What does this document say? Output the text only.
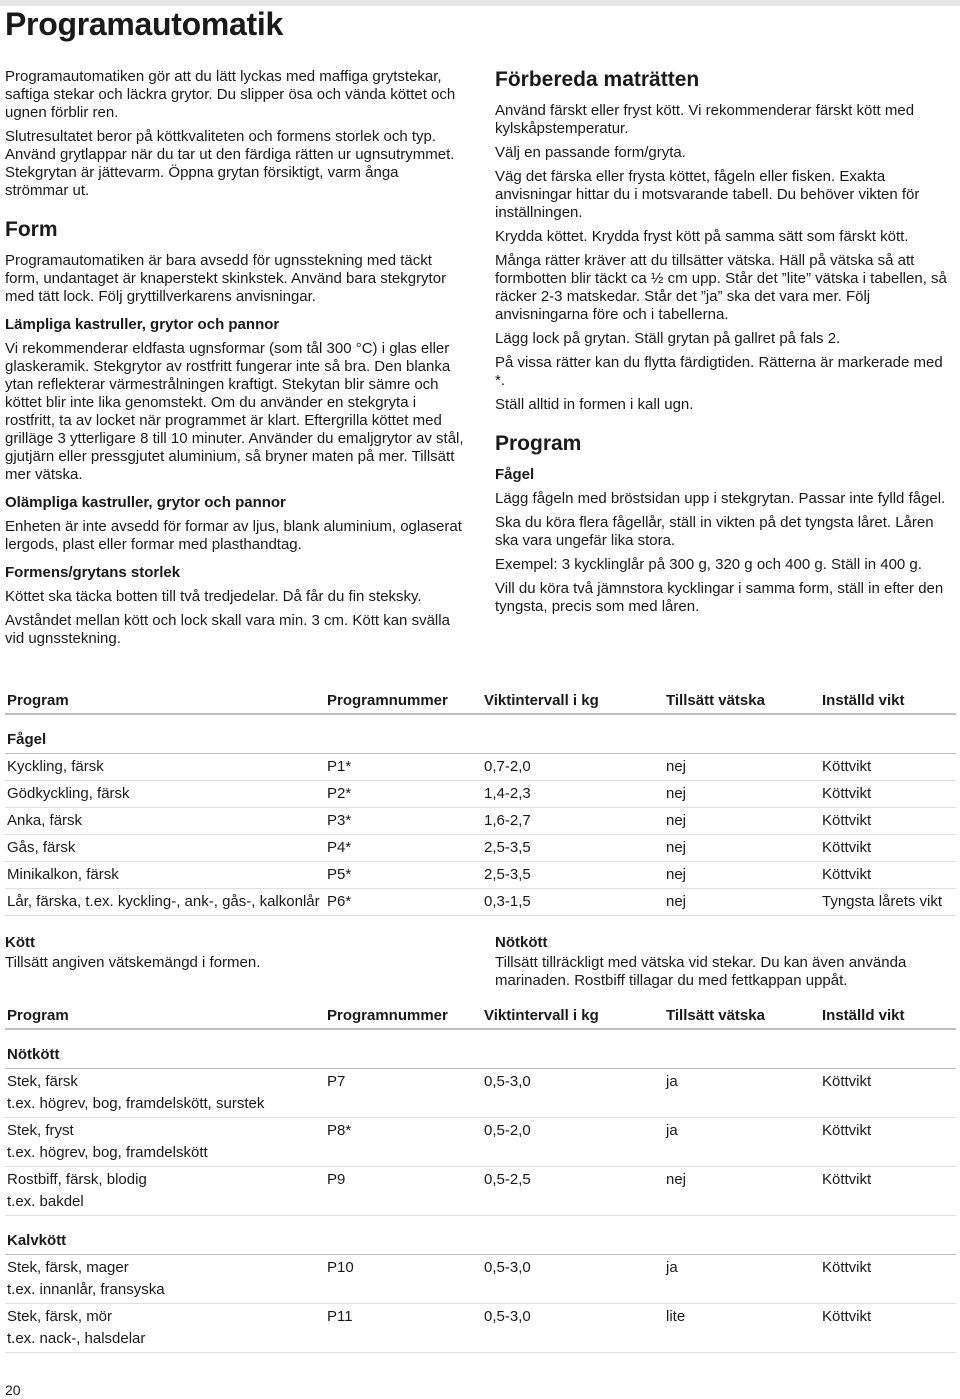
Programautomatik

Programautomatiken gör att du lätt lyckas med maffiga grytstekar, saftiga stekar och läckra grytor. Du slipper ösa och vända köttet och ugnen förblir ren.

Slutresultatet beror på köttkvaliteten och formens storlek och typ. Använd grytlappar när du tar ut den färdiga rätten ur ugnsutrymmet. Stekgrytan är jättevarm. Öppna grytan försiktigt, varm ånga strömmar ut.

Form

Programautomatiken är bara avsedd för ugnsstekning med täckt form, undantaget är knaperstekt skinkstek. Använd bara stekgrytor med tätt lock. Följ gryttillverkarens anvisningar.

Lämpliga kastruller, grytor och pannor

Vi rekommenderar eldfasta ugnsformar (som tål 300 °C) i glas eller glaskeramik. Stekgrytor av rostfritt fungerar inte så bra. Den blanka ytan reflekterar värmestrålningen kraftigt. Stekytan blir sämre och köttet blir inte lika genomstekt. Om du använder en stekgryta i rostfritt, ta av locket när programmet är klart. Eftergrilla köttet med grilläge 3 ytterligare 8 till 10 minuter. Använder du emaljgrytor av stål, gjutjärn eller pressgjutet aluminium, så bryner maten på mer. Tillsätt mer vätska.

Olämpliga kastruller, grytor och pannor

Enheten är inte avsedd för formar av ljus, blank aluminium, oglaserat lergods, plast eller formar med plasthandtag.

Formens/grytans storlek

Köttet ska täcka botten till två tredjedelar. Då får du fin steksky.

Avståndet mellan kött och lock skall vara min. 3 cm. Kött kan svälla vid ugnsstekning.

Förbereda maträtten

Använd färskt eller fryst kött. Vi rekommenderar färskt kött med kylskåpstemperatur.

Välj en passande form/gryta.

Väg det färska eller frysta köttet, fågeln eller fisken. Exakta anvisningar hittar du i motsvarande tabell. Du behöver vikten för inställningen.

Krydda köttet. Krydda fryst kött på samma sätt som färskt kött.

Många rätter kräver att du tillsätter vätska. Häll på vätska så att formbotten blir täckt ca ½ cm upp. Står det ”lite” vätska i tabellen, så räcker 2-3 matskedar. Står det ”ja” ska det vara mer. Följ anvisningarna före och i tabellerna.

Lägg lock på grytan. Ställ grytan på gallret på fals 2.

På vissa rätter kan du flytta färdigtiden. Rätterna är markerade med *.

Ställ alltid in formen i kall ugn.

Program
Fågel

Lägg fågeln med bröstsidan upp i stekgrytan. Passar inte fylld fågel.

Ska du köra flera fågellår, ställ in vikten på det tyngsta låret. Låren ska vara ungefär lika stora.

Exempel: 3 kycklinglår på 300 g, 320 g och 400 g. Ställ in 400 g.

Vill du köra två jämnstora kycklingar i samma form, ställ in efter den tyngsta, precis som med låren.

Program	Programnummer	Viktintervall i kg	Tillsätt vätska	Inställd vikt
Fågel				
Kyckling, färsk	P1*	0,7-2,0	nej	Köttvikt
Gödkyckling, färsk	P2*	1,4-2,3	nej	Köttvikt
Anka, färsk	P3*	1,6-2,7	nej	Köttvikt
Gås, färsk	P4*	2,5-3,5	nej	Köttvikt
Minikalkon, färsk	P5*	2,5-3,5	nej	Köttvikt
Lår, färska, t.ex. kyckling-, ank-, gås-, kalkonlår	P6*	0,3-1,5	nej	Tyngsta lårets vikt
Kött

Tillsätt angiven vätskemängd i formen.

Nötkött

Tillsätt tillräckligt med vätska vid stekar. Du kan även använda marinaden. Rostbiff tillagar du med fettkappan uppåt.

Program	Programnummer	Viktintervall i kg	Tillsätt vätska	Inställd vikt
Nötkött				
Stek, färsk	P7	0,5-3,0	ja	Köttvikt
t.ex. högrev, bog, framdelskött, surstek				
Stek, fryst	P8*	0,5-2,0	ja	Köttvikt
t.ex. högrev, bog, framdelskött				
Rostbiff, färsk, blodig	P9	0,5-2,5	nej	Köttvikt
t.ex. bakdel				
Kalvkött				
Stek, färsk, mager	P10	0,5-3,0	ja	Köttvikt
t.ex. innanlår, fransyska				
Stek, färsk, mör	P11	0,5-3,0	lite	Köttvikt
t.ex. nack-, halsdelar				
20
